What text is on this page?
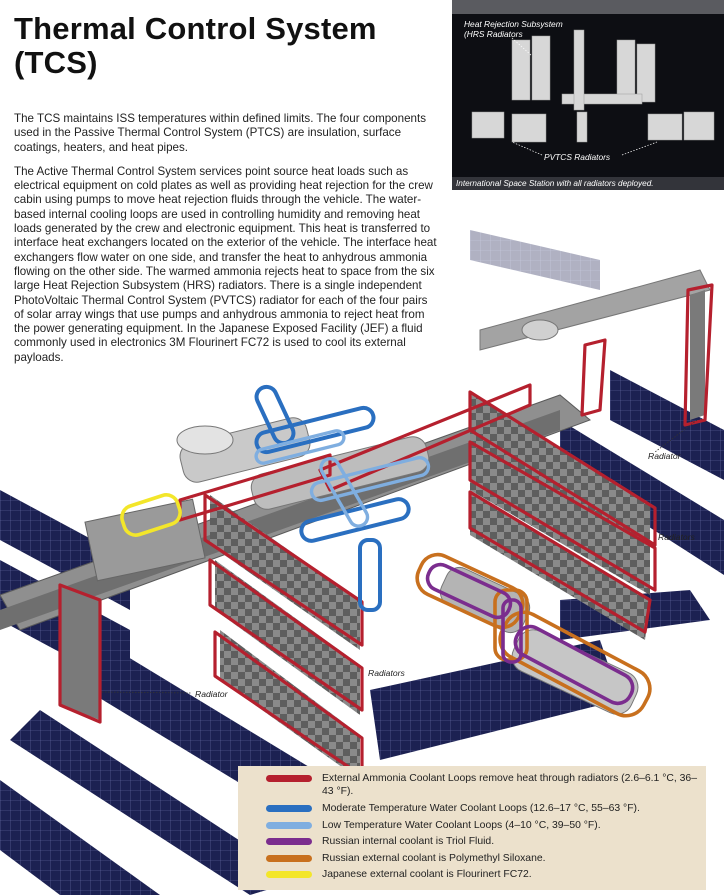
Thermal Control System
(TCS)

The TCS maintains ISS temperatures within defined limits. The four components used in the Passive Thermal Control System (PTCS) are insulation, surface coatings, heaters, and heat pipes.

The Active Thermal Control System services point source heat loads such as electrical equipment on cold plates as well as providing heat rejection for the crew cabin using pumps to move heat rejection fluids through the vehicle. The water-based internal cooling loops are used in controlling humidity and removing heat loads generated by the crew and electronic equipment. This heat is transferred to interface heat exchangers located on the exterior of the vehicle. The interface heat exchangers flow water on one side, and transfer the heat to anhydrous ammonia flowing on the other side. The warmed ammonia rejects heat to space from the six large Heat Rejection Subsystem (HRS) radiators. There is a single independent PhotoVoltaic Thermal Control System (PVTCS) radiator for each of the four pairs of solar array wings that use pumps and anhydrous ammonia to reject heat from the power generating equipment. In the Japanese Exposed Facility (JEF) a fluid commonly used in electronics 3M Flourinert FC72 is used to cool its external payloads.

Heat Rejection Subsystem (HRS Radiators
PVTCS Radiators
International Space Station with all radiators deployed.
Radiator
Radiators
Radiators
Radiator
External Ammonia Coolant Loops remove heat through radiators (2.6–6.1 °C, 36–43 °F).
Moderate Temperature Water Coolant Loops (12.6–17 °C, 55–63 °F).
Low Temperature Water Coolant Loops (4–10 °C, 39–50 °F).
Russian internal coolant is Triol Fluid.
Russian external coolant is Polymethyl Siloxane.
Japanese external coolant is Flourinert FC72.
